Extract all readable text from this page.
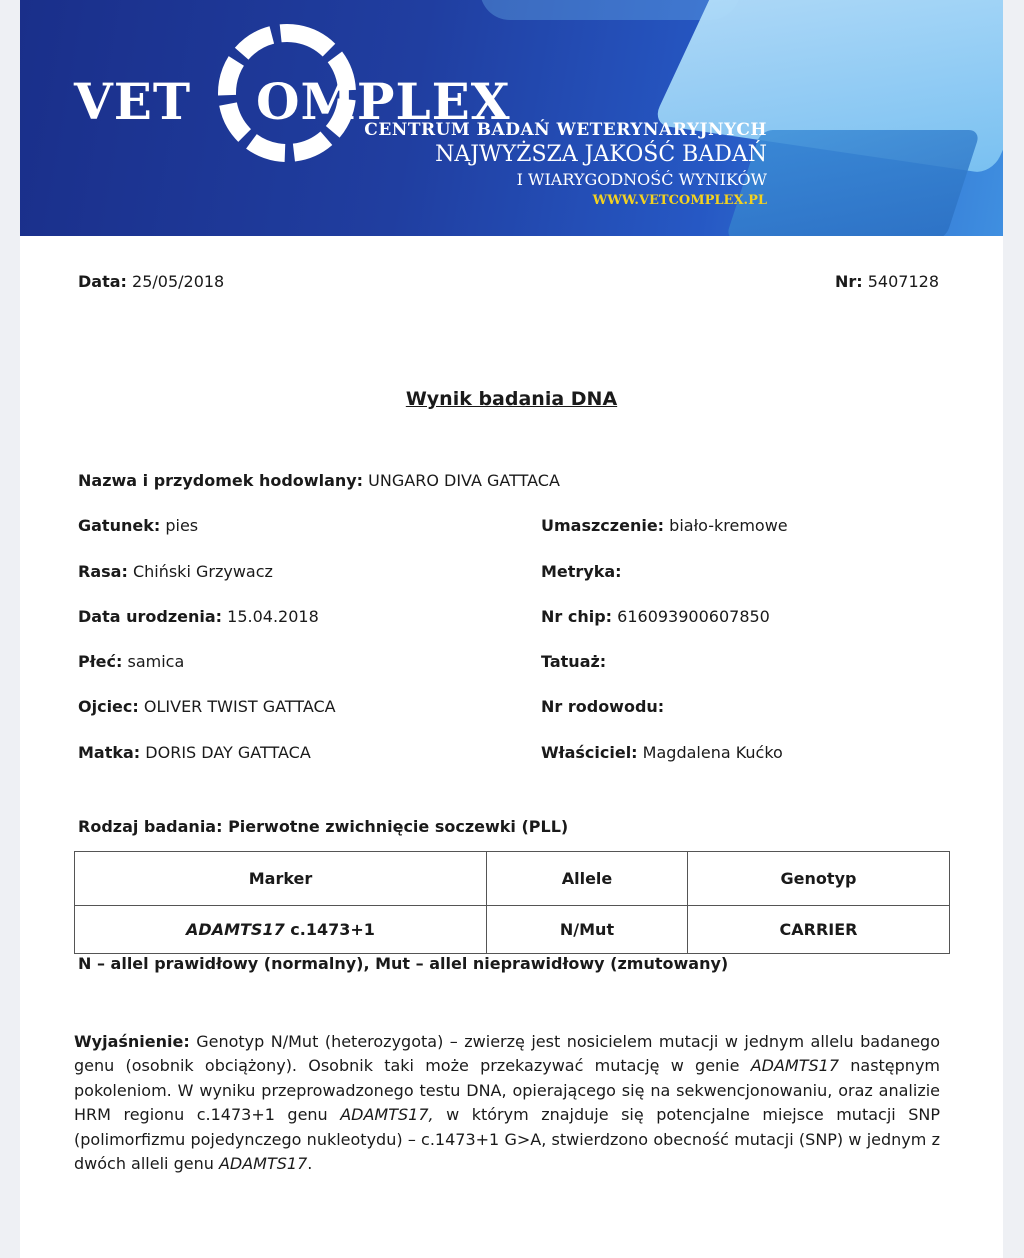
VET OMPLEX
CENTRUM BADAŃ WETERYNARYJNYCH
NAJWYŻSZA JAKOŚĆ BADAŃ
I WIARYGODNOŚĆ WYNIKÓW
WWW.VETCOMPLEX.PL
Data: 25/05/2018	Nr: 5407128
Wynik badania DNA
Nazwa i przydomek hodowlany: UNGARO DIVA GATTACA
Gatunek: pies
Rasa: Chiński Grzywacz
Data urodzenia: 15.04.2018
Płeć: samica
Ojciec: OLIVER TWIST GATTACA
Matka: DORIS DAY GATTACA
Umaszczenie: biało-kremowe
Metryka:
Nr chip: 616093900607850
Tatuaż:
Nr rodowodu:
Właściciel: Magdalena Kućko
Rodzaj badania: Pierwotne zwichnięcie soczewki (PLL)
Marker	Allele	Genotyp
ADAMTS17 c.1473+1	N/Mut	CARRIER
N – allel prawidłowy (normalny), Mut – allel nieprawidłowy (zmutowany)
Wyjaśnienie: Genotyp N/Mut (heterozygota) – zwierzę jest nosicielem mutacji w jednym allelu badanego genu (osobnik obciążony). Osobnik taki może przekazywać mutację w genie ADAMTS17 następnym pokoleniom. W wyniku przeprowadzonego testu DNA, opierającego się na sekwencjonowaniu, oraz analizie HRM regionu c.1473+1 genu ADAMTS17, w którym znajduje się potencjalne miejsce mutacji SNP (polimorfizmu pojedynczego nukleotydu) – c.1473+1 G>A, stwierdzono obecność mutacji (SNP) w jednym z dwóch alleli genu ADAMTS17.
